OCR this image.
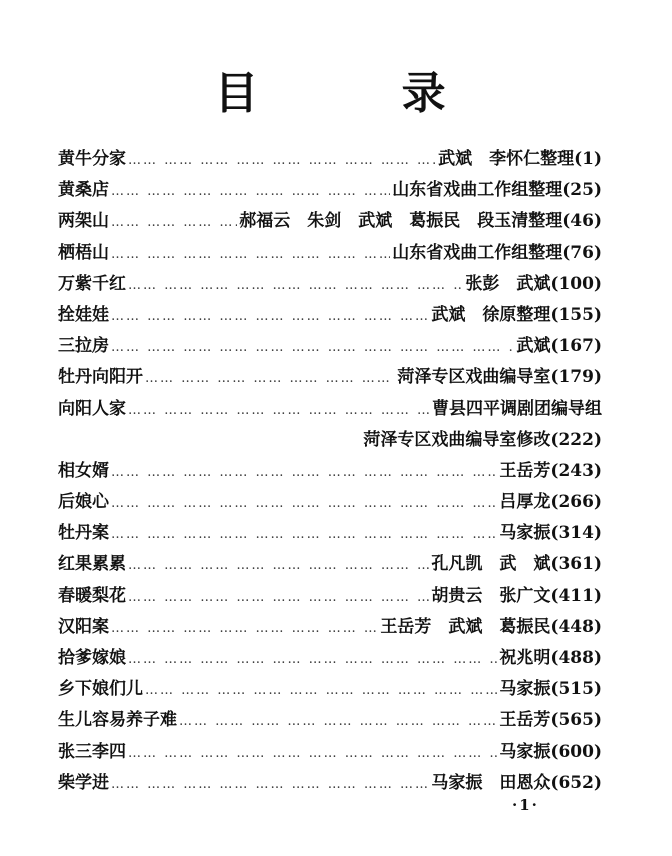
目 录
黄牛分家 …… …… …… …… …… …… …… …… …… …… …… …… …… …… …… …… …… …… …… …… …… …… …… ……	武斌　李怀仁整理(1)
黄桑店 …… …… …… …… …… …… …… …… …… …… …… …… …… …… …… …… …… …… …… …… …… …… …… ……	山东省戏曲工作组整理(25)
两架山 …… …… …… …… …… …… …… …… …… …… …… …… …… …… …… …… …… …… …… …… …… …… …… ……	郝福云　朱剑　武斌　葛振民　段玉清整理(46)
栖梧山 …… …… …… …… …… …… …… …… …… …… …… …… …… …… …… …… …… …… …… …… …… …… …… ……	山东省戏曲工作组整理(76)
万紫千红 …… …… …… …… …… …… …… …… …… …… …… …… …… …… …… …… …… …… …… …… …… …… …… ……	张彭　武斌(100)
拴娃娃 …… …… …… …… …… …… …… …… …… …… …… …… …… …… …… …… …… …… …… …… …… …… …… ……	武斌　徐原整理(155)
三拉房 …… …… …… …… …… …… …… …… …… …… …… …… …… …… …… …… …… …… …… …… …… …… …… ……	武斌(167)
牡丹向阳开 …… …… …… …… …… …… …… …… …… …… …… …… …… …… …… …… …… …… …… …… …… …… …… ……	菏泽专区戏曲编导室(179)
向阳人家 …… …… …… …… …… …… …… …… …… …… …… …… …… …… …… …… …… …… …… …… …… …… …… ……	曹县四平调剧团编导组
菏泽专区戏曲编导室修改(222)
相女婿 …… …… …… …… …… …… …… …… …… …… …… …… …… …… …… …… …… …… …… …… …… …… …… ……	王岳芳(243)
后娘心 …… …… …… …… …… …… …… …… …… …… …… …… …… …… …… …… …… …… …… …… …… …… …… ……	吕厚龙(266)
牡丹案 …… …… …… …… …… …… …… …… …… …… …… …… …… …… …… …… …… …… …… …… …… …… …… ……	马家振(314)
红果累累 …… …… …… …… …… …… …… …… …… …… …… …… …… …… …… …… …… …… …… …… …… …… …… ……	孔凡凯　武　斌(361)
春暖梨花 …… …… …… …… …… …… …… …… …… …… …… …… …… …… …… …… …… …… …… …… …… …… …… ……	胡贵云　张广文(411)
汉阳案 …… …… …… …… …… …… …… …… …… …… …… …… …… …… …… …… …… …… …… …… …… …… …… ……	王岳芳　武斌　葛振民(448)
拾爹嫁娘 …… …… …… …… …… …… …… …… …… …… …… …… …… …… …… …… …… …… …… …… …… …… …… ……	祝兆明(488)
乡下娘们儿 …… …… …… …… …… …… …… …… …… …… …… …… …… …… …… …… …… …… …… …… …… …… …… ……	马家振(515)
生儿容易养子难 …… …… …… …… …… …… …… …… …… …… …… …… …… …… …… …… …… …… …… …… …… …… …… ……	王岳芳(565)
张三李四 …… …… …… …… …… …… …… …… …… …… …… …… …… …… …… …… …… …… …… …… …… …… …… ……	马家振(600)
柴学进 …… …… …… …… …… …… …… …… …… …… …… …… …… …… …… …… …… …… …… …… …… …… …… ……	马家振　田恩众(652)
·1·
